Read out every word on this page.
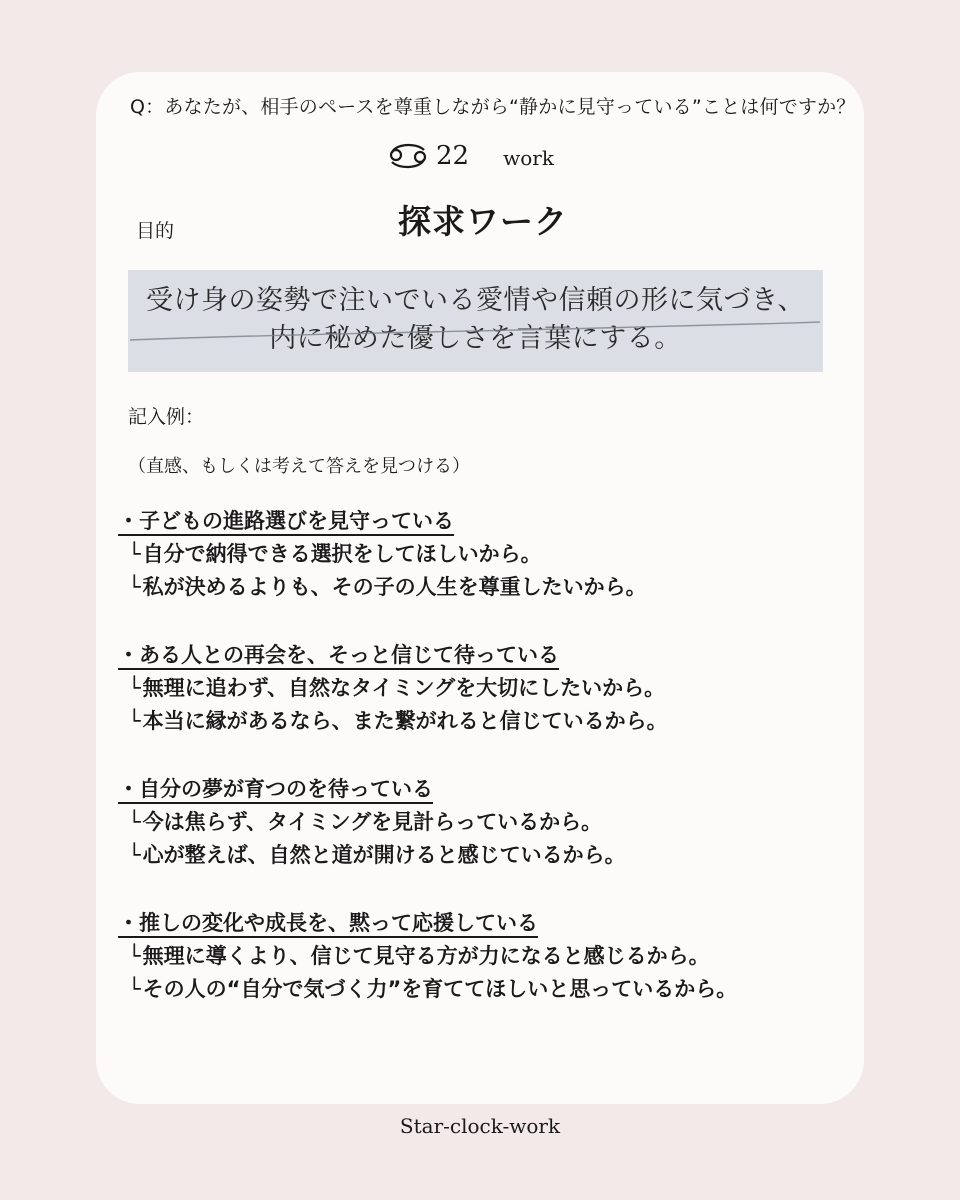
Q：あなたが、相手のペースを尊重しながら“静かに見守っている”ことは何ですか？
22 work
目的	探求ワーク
受け身の姿勢で注いでいる愛情や信頼の形に気づき、
内に秘めた優しさを言葉にする。
記入例：
（直感、もしくは考えて答えを見つける）
・子どもの進路選びを見守っている
└自分で納得できる選択をしてほしいから。
└私が決めるよりも、その子の人生を尊重したいから。
・ある人との再会を、そっと信じて待っている
└無理に追わず、自然なタイミングを大切にしたいから。
└本当に縁があるなら、また繋がれると信じているから。
・自分の夢が育つのを待っている
└今は焦らず、タイミングを見計らっているから。
└心が整えば、自然と道が開けると感じているから。
・推しの変化や成長を、黙って応援している
└無理に導くより、信じて見守る方が力になると感じるから。
└その人の“自分で気づく力”を育ててほしいと思っているから。
Star-clock-work
